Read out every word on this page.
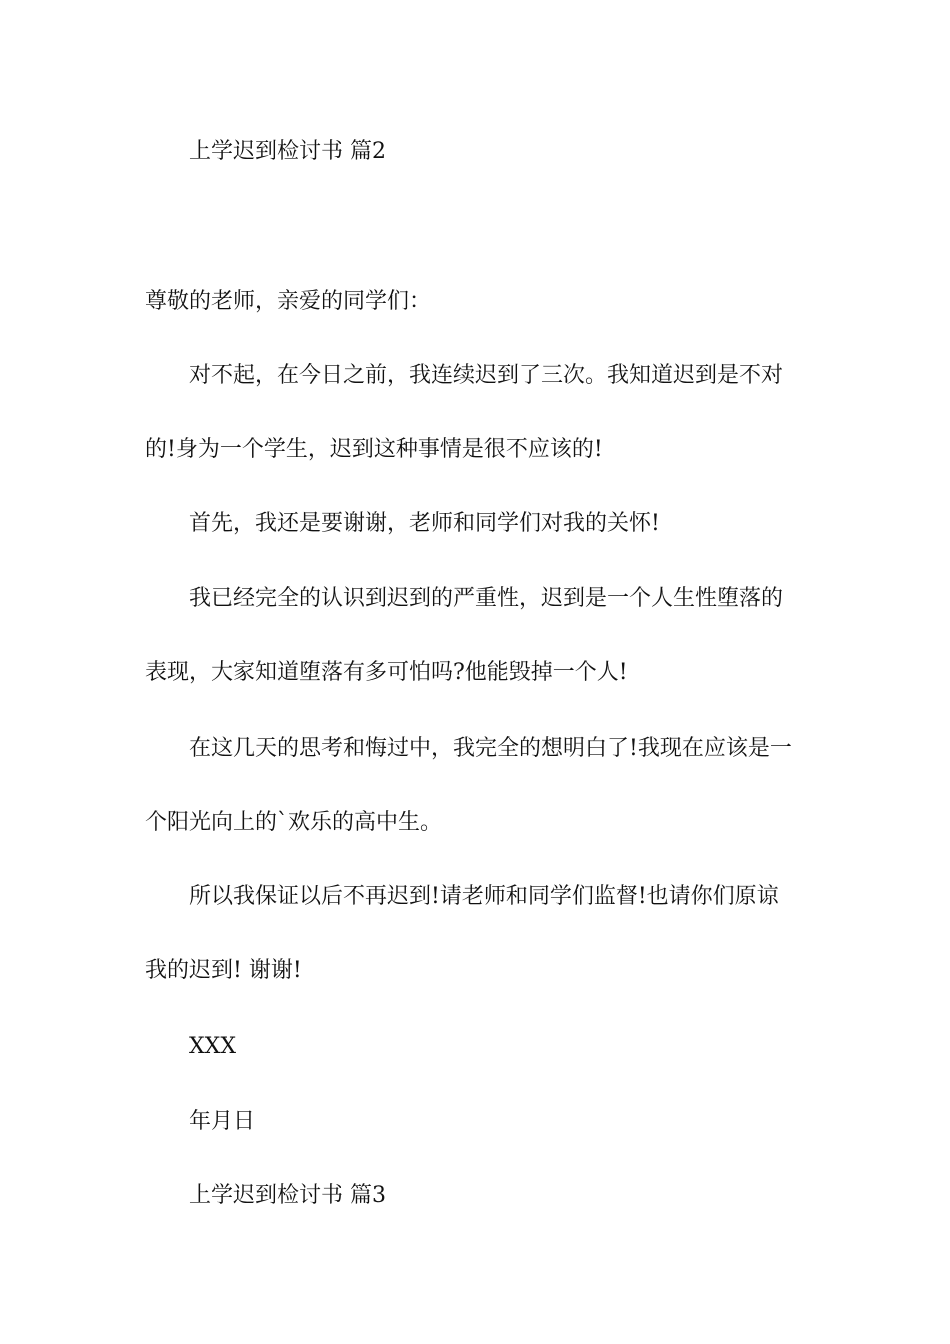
上学迟到检讨书 篇2
尊敬的老师，亲爱的同学们：
对不起，在今日之前，我连续迟到了三次。我知道迟到是不对
的!身为一个学生，迟到这种事情是很不应该的!
首先，我还是要谢谢，老师和同学们对我的关怀!
我已经完全的认识到迟到的严重性，迟到是一个人生性堕落的
表现，大家知道堕落有多可怕吗?他能毁掉一个人!
在这几天的思考和悔过中，我完全的想明白了!我现在应该是一
个阳光向上的`欢乐的高中生。
所以我保证以后不再迟到!请老师和同学们监督!也请你们原谅
我的迟到! 谢谢!
XXX
年月日
上学迟到检讨书 篇3
